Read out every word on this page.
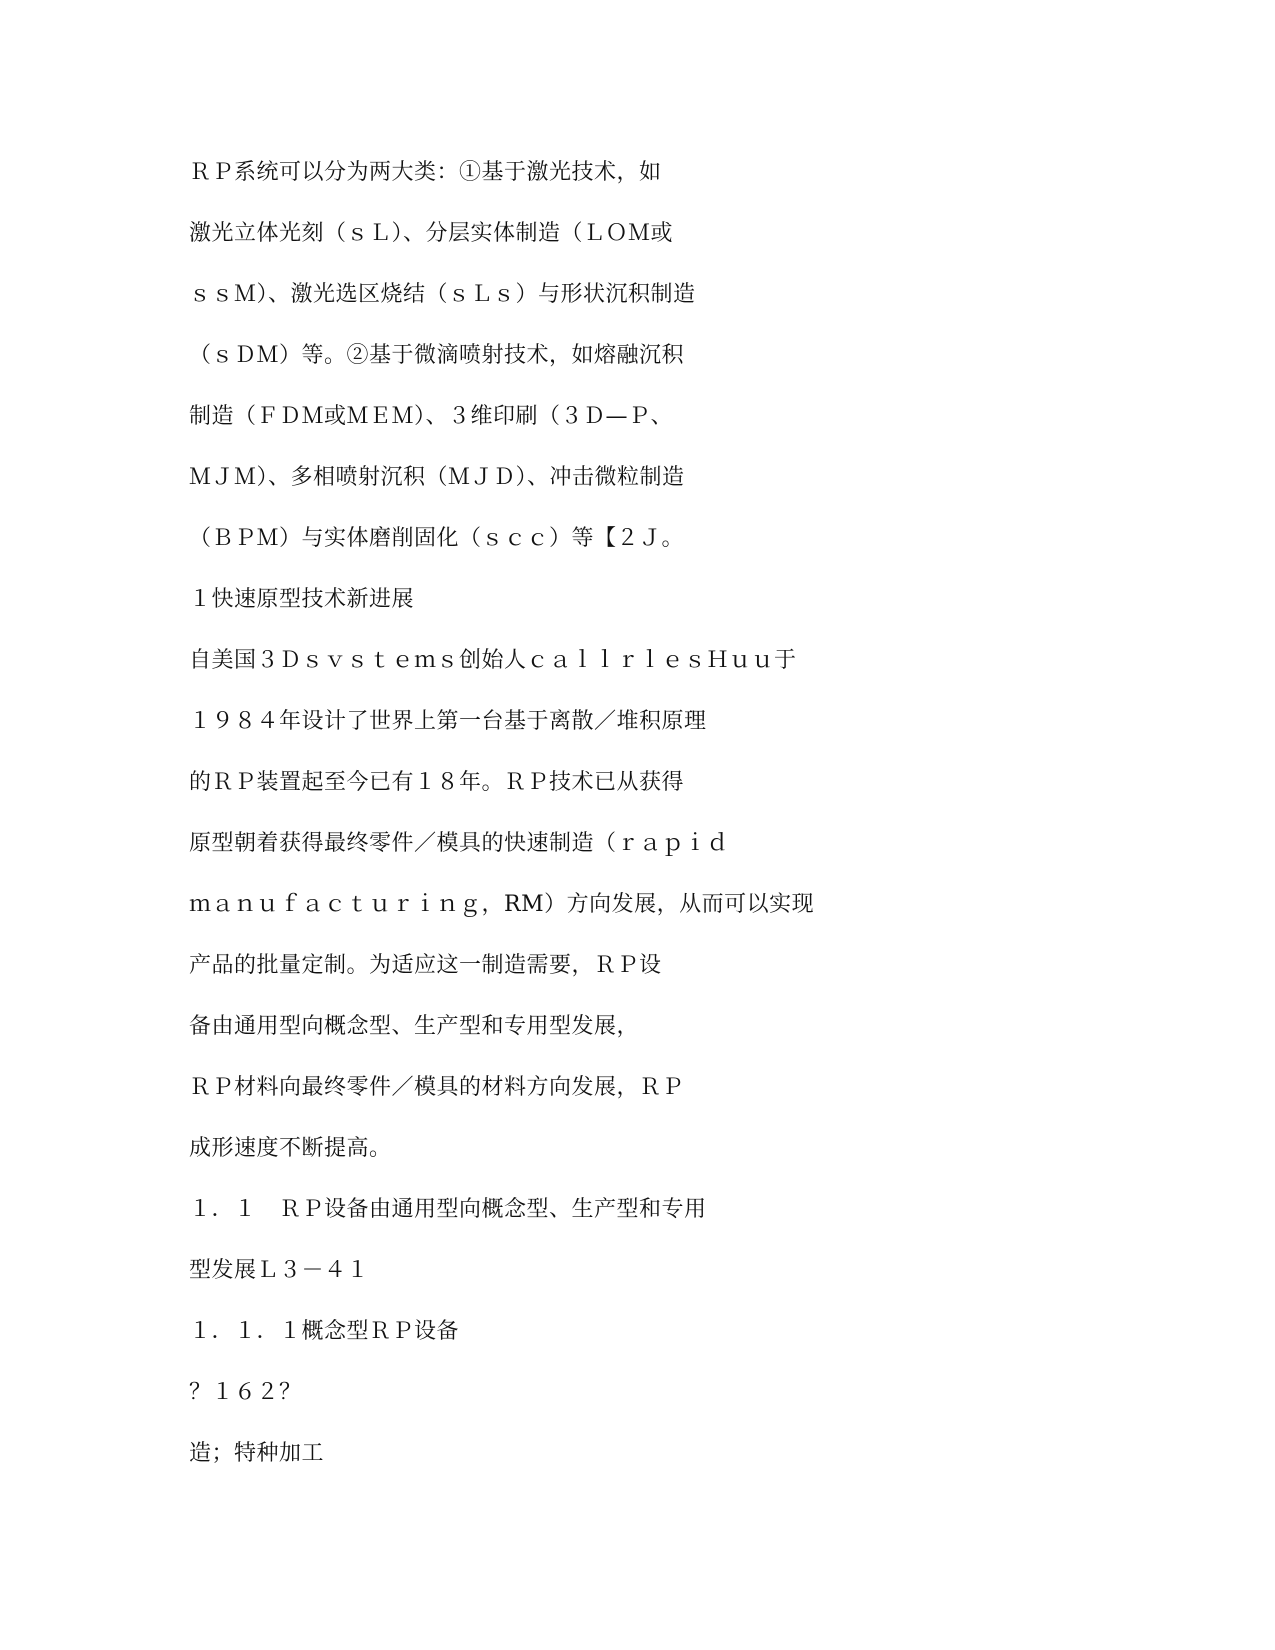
ＲＰ系统可以分为两大类：①基于激光技术，如
激光立体光刻（ｓＬ）、分层实体制造（ＬＯＭ或
ｓｓＭ）、激光选区烧结（ｓＬｓ）与形状沉积制造
（ｓＤＭ）等。②基于微滴喷射技术，如熔融沉积
制造（ＦＤＭ或ＭＥＭ）、３维印刷（３Ｄ—Ｐ、
ＭＪＭ）、多相喷射沉积（ＭＪＤ）、冲击微粒制造
（ＢＰＭ）与实体磨削固化（ｓｃｃ）等【２Ｊ。
１快速原型技术新进展
自美国３Ｄｓｖｓｔｅｍｓ创始人ｃａｌｌｒｌｅｓＨｕｕ于
１９８４年设计了世界上第一台基于离散／堆积原理
的ＲＰ装置起至今已有１８年。ＲＰ技术已从获得
原型朝着获得最终零件／模具的快速制造（ｒａｐｉｄ
ｍａｎｕｆａｃｔｕｒｉｎｇ，RM）方向发展，从而可以实现
产品的批量定制。为适应这一制造需要，ＲＰ设
备由通用型向概念型、生产型和专用型发展，
ＲＰ材料向最终零件／模具的材料方向发展，ＲＰ
成形速度不断提高。
１．１　ＲＰ设备由通用型向概念型、生产型和专用
型发展Ｌ３－４１
１．１．１概念型ＲＰ设备
？１６２？
造；特种加工
